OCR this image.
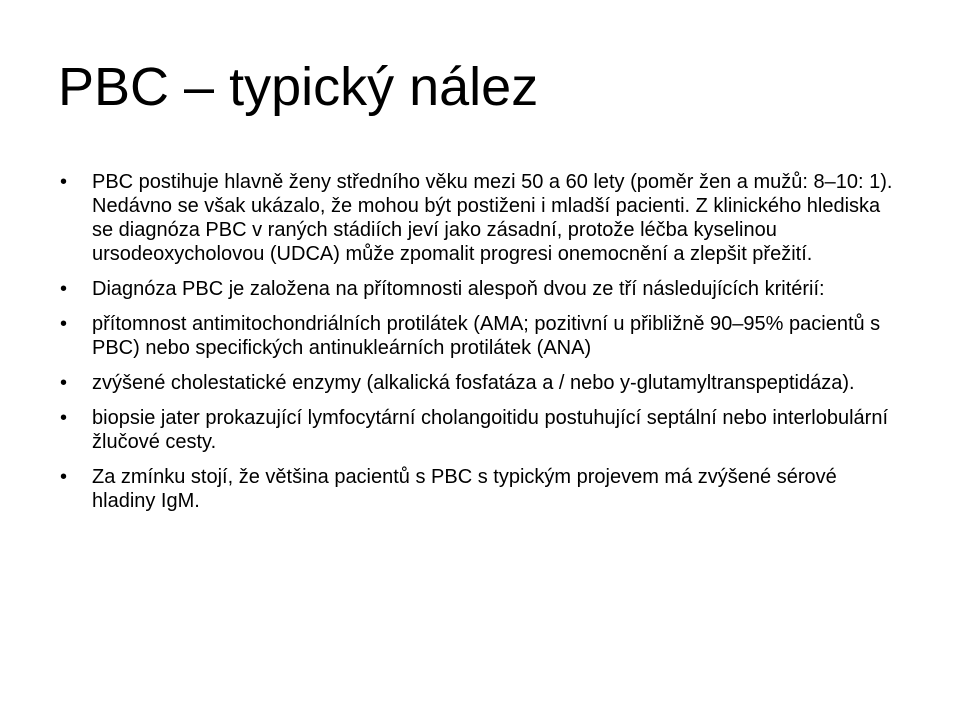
PBC – typický nález
•	PBC postihuje hlavně ženy středního věku mezi 50 a 60 lety (poměr žen a mužů: 8–10: 1). Nedávno se však ukázalo, že mohou být postiženi i mladší pacienti. Z klinického hlediska se diagnóza PBC v raných stádiích jeví jako zásadní, protože léčba kyselinou ursodeoxycholovou (UDCA) může zpomalit progresi onemocnění a zlepšit přežití.
•	Diagnóza PBC je založena na přítomnosti alespoň dvou ze tří následujících kritérií:
•	přítomnost antimitochondriálních protilátek (AMA; pozitivní u přibližně 90–95% pacientů s PBC) nebo specifických antinukleárních protilátek (ANA)
•	zvýšené cholestatické enzymy (alkalická fosfatáza a / nebo y-glutamyltranspeptidáza).
•	biopsie jater prokazující lymfocytární cholangoitidu postuhující septální nebo interlobulární žlučové cesty.
•	Za zmínku stojí, že většina pacientů s PBC s typickým projevem má zvýšené sérové hladiny IgM.
